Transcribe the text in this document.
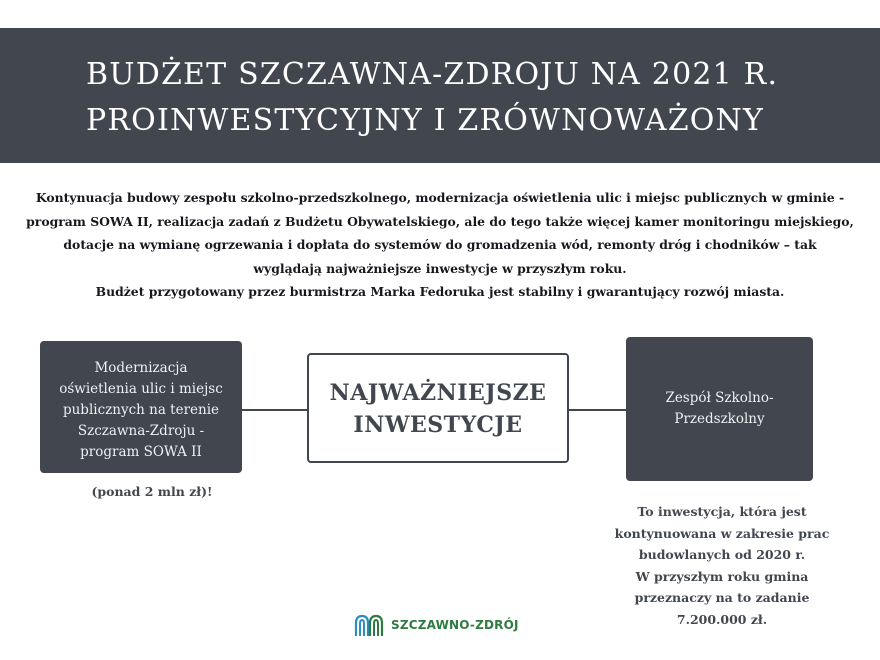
BUDŻET SZCZAWNA-ZDROJU NA 2021 R.
PROINWESTYCYJNY I ZRÓWNOWAŻONY
Kontynuacja budowy zespołu szkolno-przedszkolnego, modernizacja oświetlenia ulic i miejsc publicznych w gminie -
program SOWA II, realizacja zadań z Budżetu Obywatelskiego, ale do tego także więcej kamer monitoringu miejskiego,
dotacje na wymianę ogrzewania i dopłata do systemów do gromadzenia wód, remonty dróg i chodników – tak
wyglądają najważniejsze inwestycje w przyszłym roku.
Budżet przygotowany przez burmistrza Marka Fedoruka jest stabilny i gwarantujący rozwój miasta.
Modernizacja
oświetlenia ulic i miejsc
publicznych na terenie
Szczawna-Zdroju -
program SOWA II
NAJWAŻNIEJSZE
INWESTYCJE
Zespół Szkolno-
Przedszkolny
(ponad 2 mln zł)!
To inwestycja, która jest
kontynuowana w zakresie prac
budowlanych od 2020 r.
W przyszłym roku gmina
przeznaczy na to zadanie
7.200.000 zł.
SZCZAWNO-ZDRÓJ
